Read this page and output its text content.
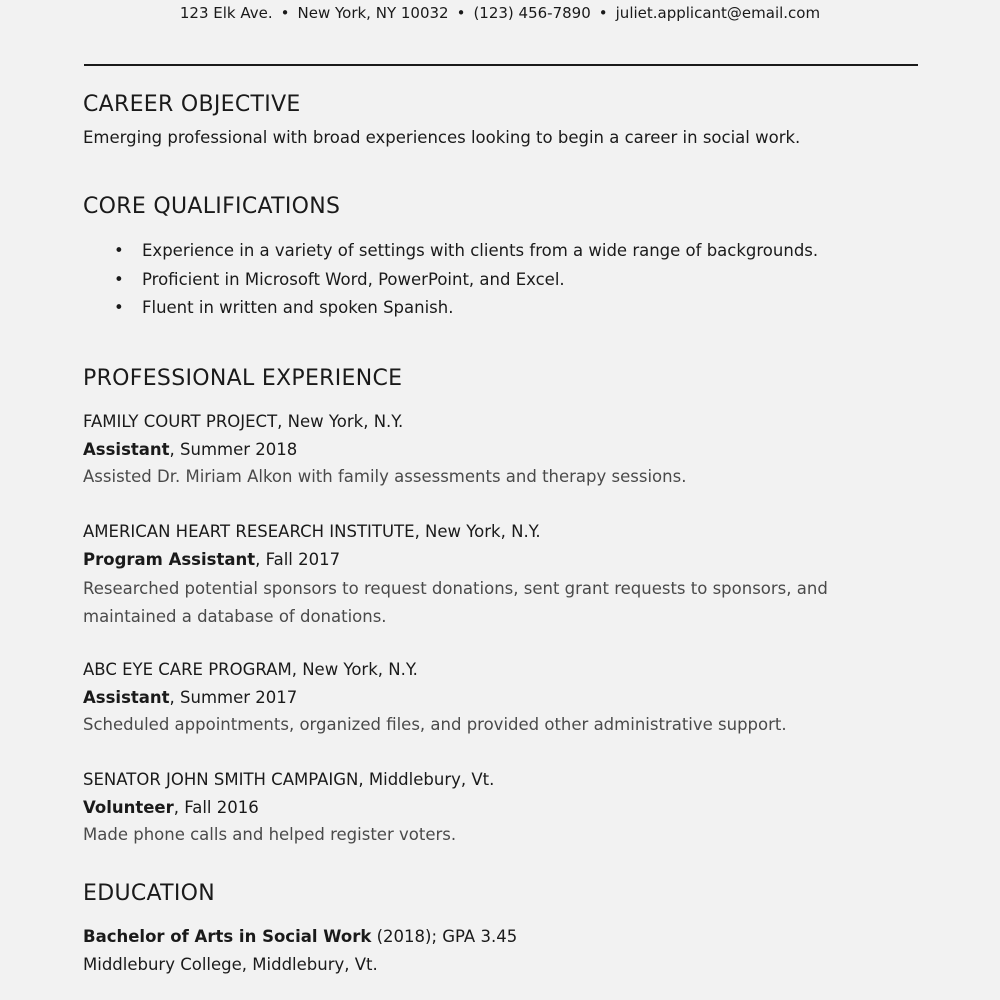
123 Elk Ave. • New York, NY 10032 • (123) 456-7890 • juliet.applicant@email.com
CAREER OBJECTIVE
Emerging professional with broad experiences looking to begin a career in social work.
CORE QUALIFICATIONS
• Experience in a variety of settings with clients from a wide range of backgrounds.
• Proficient in Microsoft Word, PowerPoint, and Excel.
• Fluent in written and spoken Spanish.
PROFESSIONAL EXPERIENCE
FAMILY COURT PROJECT, New York, N.Y.
Assistant, Summer 2018
Assisted Dr. Miriam Alkon with family assessments and therapy sessions.
AMERICAN HEART RESEARCH INSTITUTE, New York, N.Y.
Program Assistant, Fall 2017
Researched potential sponsors to request donations, sent grant requests to sponsors, and maintained a database of donations.
ABC EYE CARE PROGRAM, New York, N.Y.
Assistant, Summer 2017
Scheduled appointments, organized files, and provided other administrative support.
SENATOR JOHN SMITH CAMPAIGN, Middlebury, Vt.
Volunteer, Fall 2016
Made phone calls and helped register voters.
EDUCATION
Bachelor of Arts in Social Work (2018); GPA 3.45
Middlebury College, Middlebury, Vt.
